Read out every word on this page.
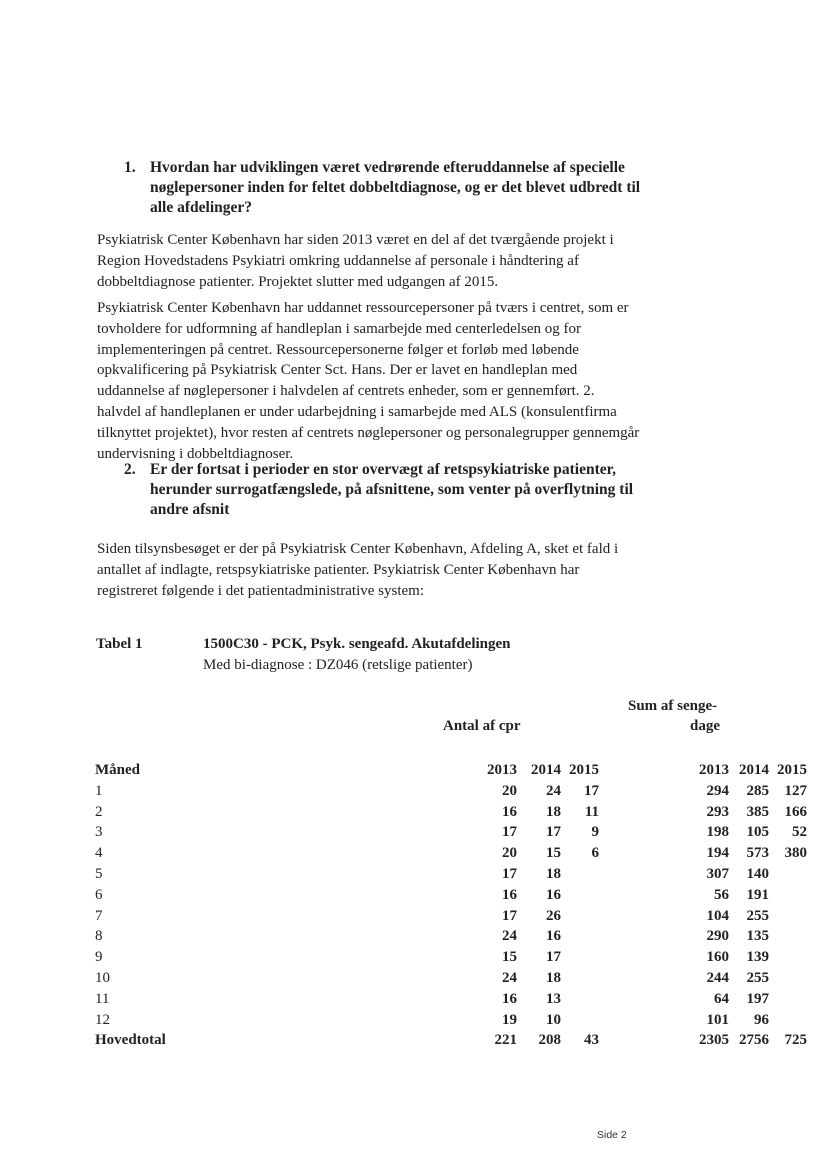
1. Hvordan har udviklingen været vedrørende efteruddannelse af specielle nøglepersoner inden for feltet dobbeltdiagnose, og er det blevet udbredt til alle afdelinger?

Psykiatrisk Center København har siden 2013 været en del af det tværgående projekt i Region Hovedstadens Psykiatri omkring uddannelse af personale i håndtering af dobbeltdiagnose patienter. Projektet slutter med udgangen af 2015.

Psykiatrisk Center København har uddannet ressourcepersoner på tværs i centret, som er tovholdere for udformning af handleplan i samarbejde med centerledelsen og for implementeringen på centret. Ressourcepersonerne følger et forløb med løbende opkvalificering på Psykiatrisk Center Sct. Hans. Der er lavet en handleplan med uddannelse af nøglepersoner i halvdelen af centrets enheder, som er gennemført. 2. halvdel af handleplanen er under udarbejdning i samarbejde med ALS (konsulentfirma tilknyttet projektet), hvor resten af centrets nøglepersoner og personalegrupper gennemgår undervisning i dobbeltdiagnoser.

2. Er der fortsat i perioder en stor overvægt af retspsykiatriske patienter, herunder surrogatfængslede, på afsnittene, som venter på overflytning til andre afsnit

Siden tilsynsbesøget er der på Psykiatrisk Center København, Afdeling A, sket et fald i antallet af indlagte, retspsykiatriske patienter. Psykiatrisk Center København har registreret følgende i det patientadministrative system:

Tabel 1	1500C30 - PCK, Psyk. sengeafd. Akutafdelingen
Med bi-diagnose : DZ046 (retslige patienter)
Antal af cpr
Sum af senge-
dage
Måned	2013	2014	2015		2013	2014	2015
1	20	24	17		294	285	127
2	16	18	11		293	385	166
3	17	17	9		198	105	52
4	20	15	6		194	573	380
5	17	18			307	140	
6	16	16			56	191	
7	17	26			104	255	
8	24	16			290	135	
9	15	17			160	139	
10	24	18			244	255	
11	16	13			64	197	
12	19	10			101	96	
Hovedtotal	221	208	43		2305	2756	725
Side 2
